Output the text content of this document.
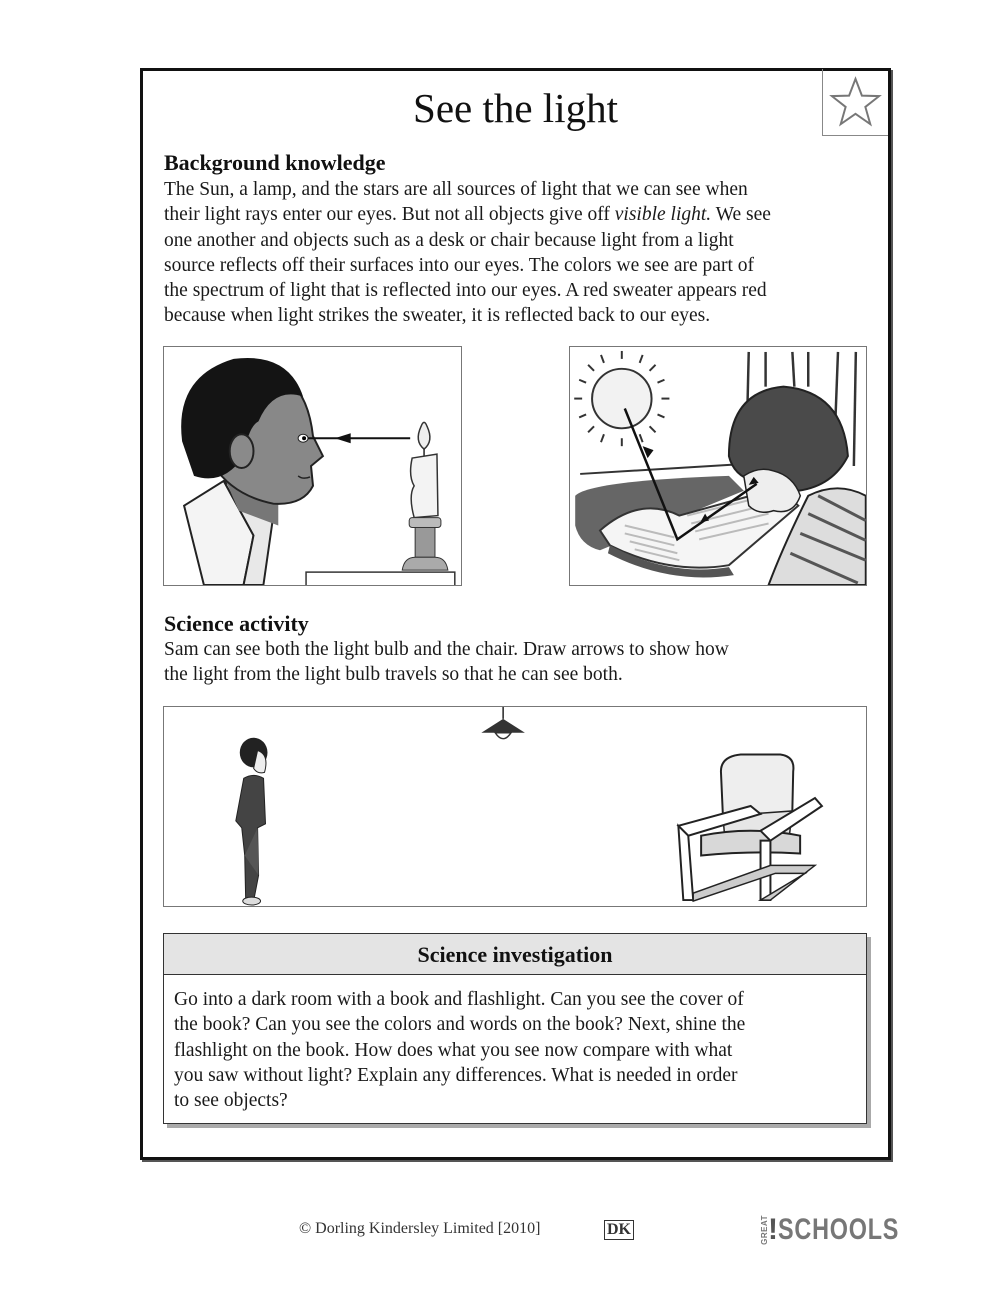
See the light
Background knowledge
The Sun, a lamp, and the stars are all sources of light that we can see when
their light rays enter our eyes. But not all objects give off visible light. We see
one another and objects such as a desk or chair because light from a light
source reflects off their surfaces into our eyes. The colors we see are part of
the spectrum of light that is reflected into our eyes. A red sweater appears red
because when light strikes the sweater, it is reflected back to our eyes.
Science activity
Sam can see both the light bulb and the chair. Draw arrows to show how
the light from the light bulb travels so that he can see both.
Science investigation
Go into a dark room with a book and flashlight. Can you see the cover of
the book? Can you see the colors and words on the book? Next, shine the
flashlight on the book. How does what you see now compare with what
you saw without light? Explain any differences. What is needed in order
to see objects?
© Dorling Kindersley Limited [2010]	DK	GREAT ! SCHOOLS
